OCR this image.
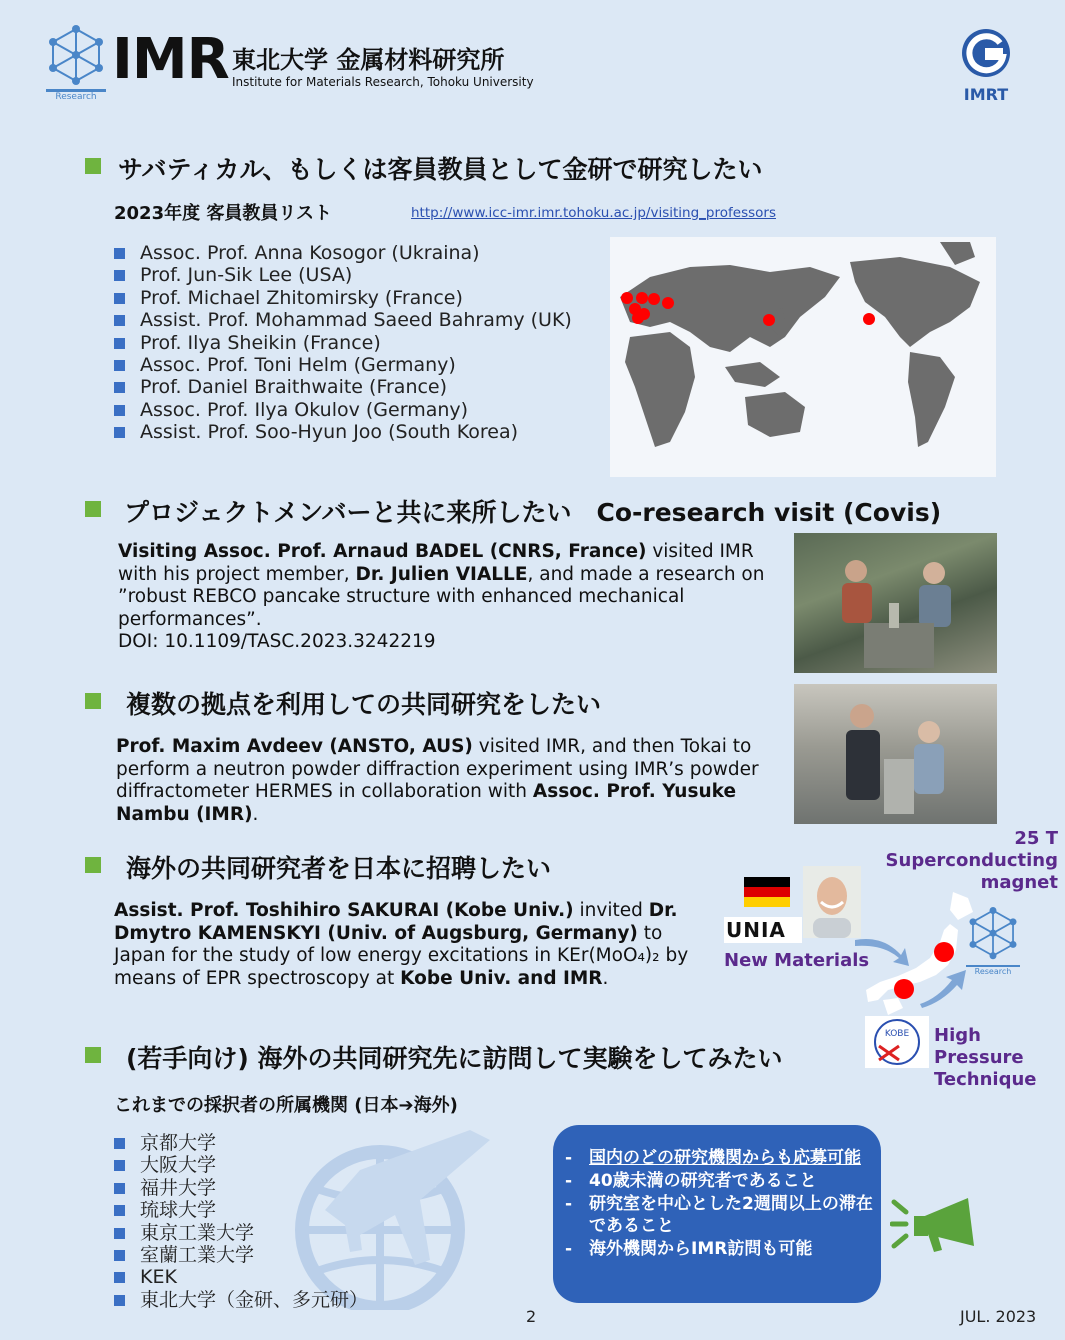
Research
IMR 東北大学 金属材料研究所
Institute for Materials Research, Tohoku University
IMRT
サバティカル、もしくは客員教員として金研で研究したい
2023年度 客員教員リスト	http://www.icc-imr.imr.tohoku.ac.jp/visiting_professors
Assoc. Prof. Anna Kosogor (Ukraina)
Prof. Jun-Sik Lee (USA)
Prof. Michael Zhitomirsky (France)
Assist. Prof. Mohammad Saeed Bahramy (UK)
Prof. Ilya Sheikin (France)
Assoc. Prof. Toni Helm (Germany)
Prof. Daniel Braithwaite (France)
Assoc. Prof. Ilya Okulov (Germany)
Assist. Prof. Soo-Hyun Joo (South Korea)
プロジェクトメンバーと共に来所したい　Co-research visit (Covis)
Visiting Assoc. Prof. Arnaud BADEL (CNRS, France) visited IMR with his project member, Dr. Julien VIALLE, and made a research on ”robust REBCO pancake structure with enhanced mechanical performances”.
DOI: 10.1109/TASC.2023.3242219
複数の拠点を利用しての共同研究をしたい
Prof. Maxim Avdeev (ANSTO, AUS) visited IMR, and then Tokai to perform a neutron powder diffraction experiment using IMR’s powder diffractometer HERMES in collaboration with Assoc. Prof. Yusuke Nambu (IMR).
海外の共同研究者を日本に招聘したい
Assist. Prof. Toshihiro SAKURAI (Kobe Univ.) invited Dr. Dmytro KAMENSKYI (Univ. of Augsburg, Germany) to Japan for the study of low energy excitations in KEr(MoO₄)₂ by means of EPR spectroscopy at Kobe Univ. and IMR.
UNIA
25 T Superconducting magnet
Research
New Materials
KOBE High Pressure Technique
(若手向け) 海外の共同研究先に訪問して実験をしてみたい
これまでの採択者の所属機関 (日本➔海外)
京都大学
大阪大学
福井大学
琉球大学
東京工業大学
室蘭工業大学
KEK
東北大学（金研、多元研）
- 国内のどの研究機関からも応募可能
- 40歳未満の研究者であること
- 研究室を中心とした2週間以上の滞在であること
- 海外機関からIMR訪問も可能
2	JUL. 2023
